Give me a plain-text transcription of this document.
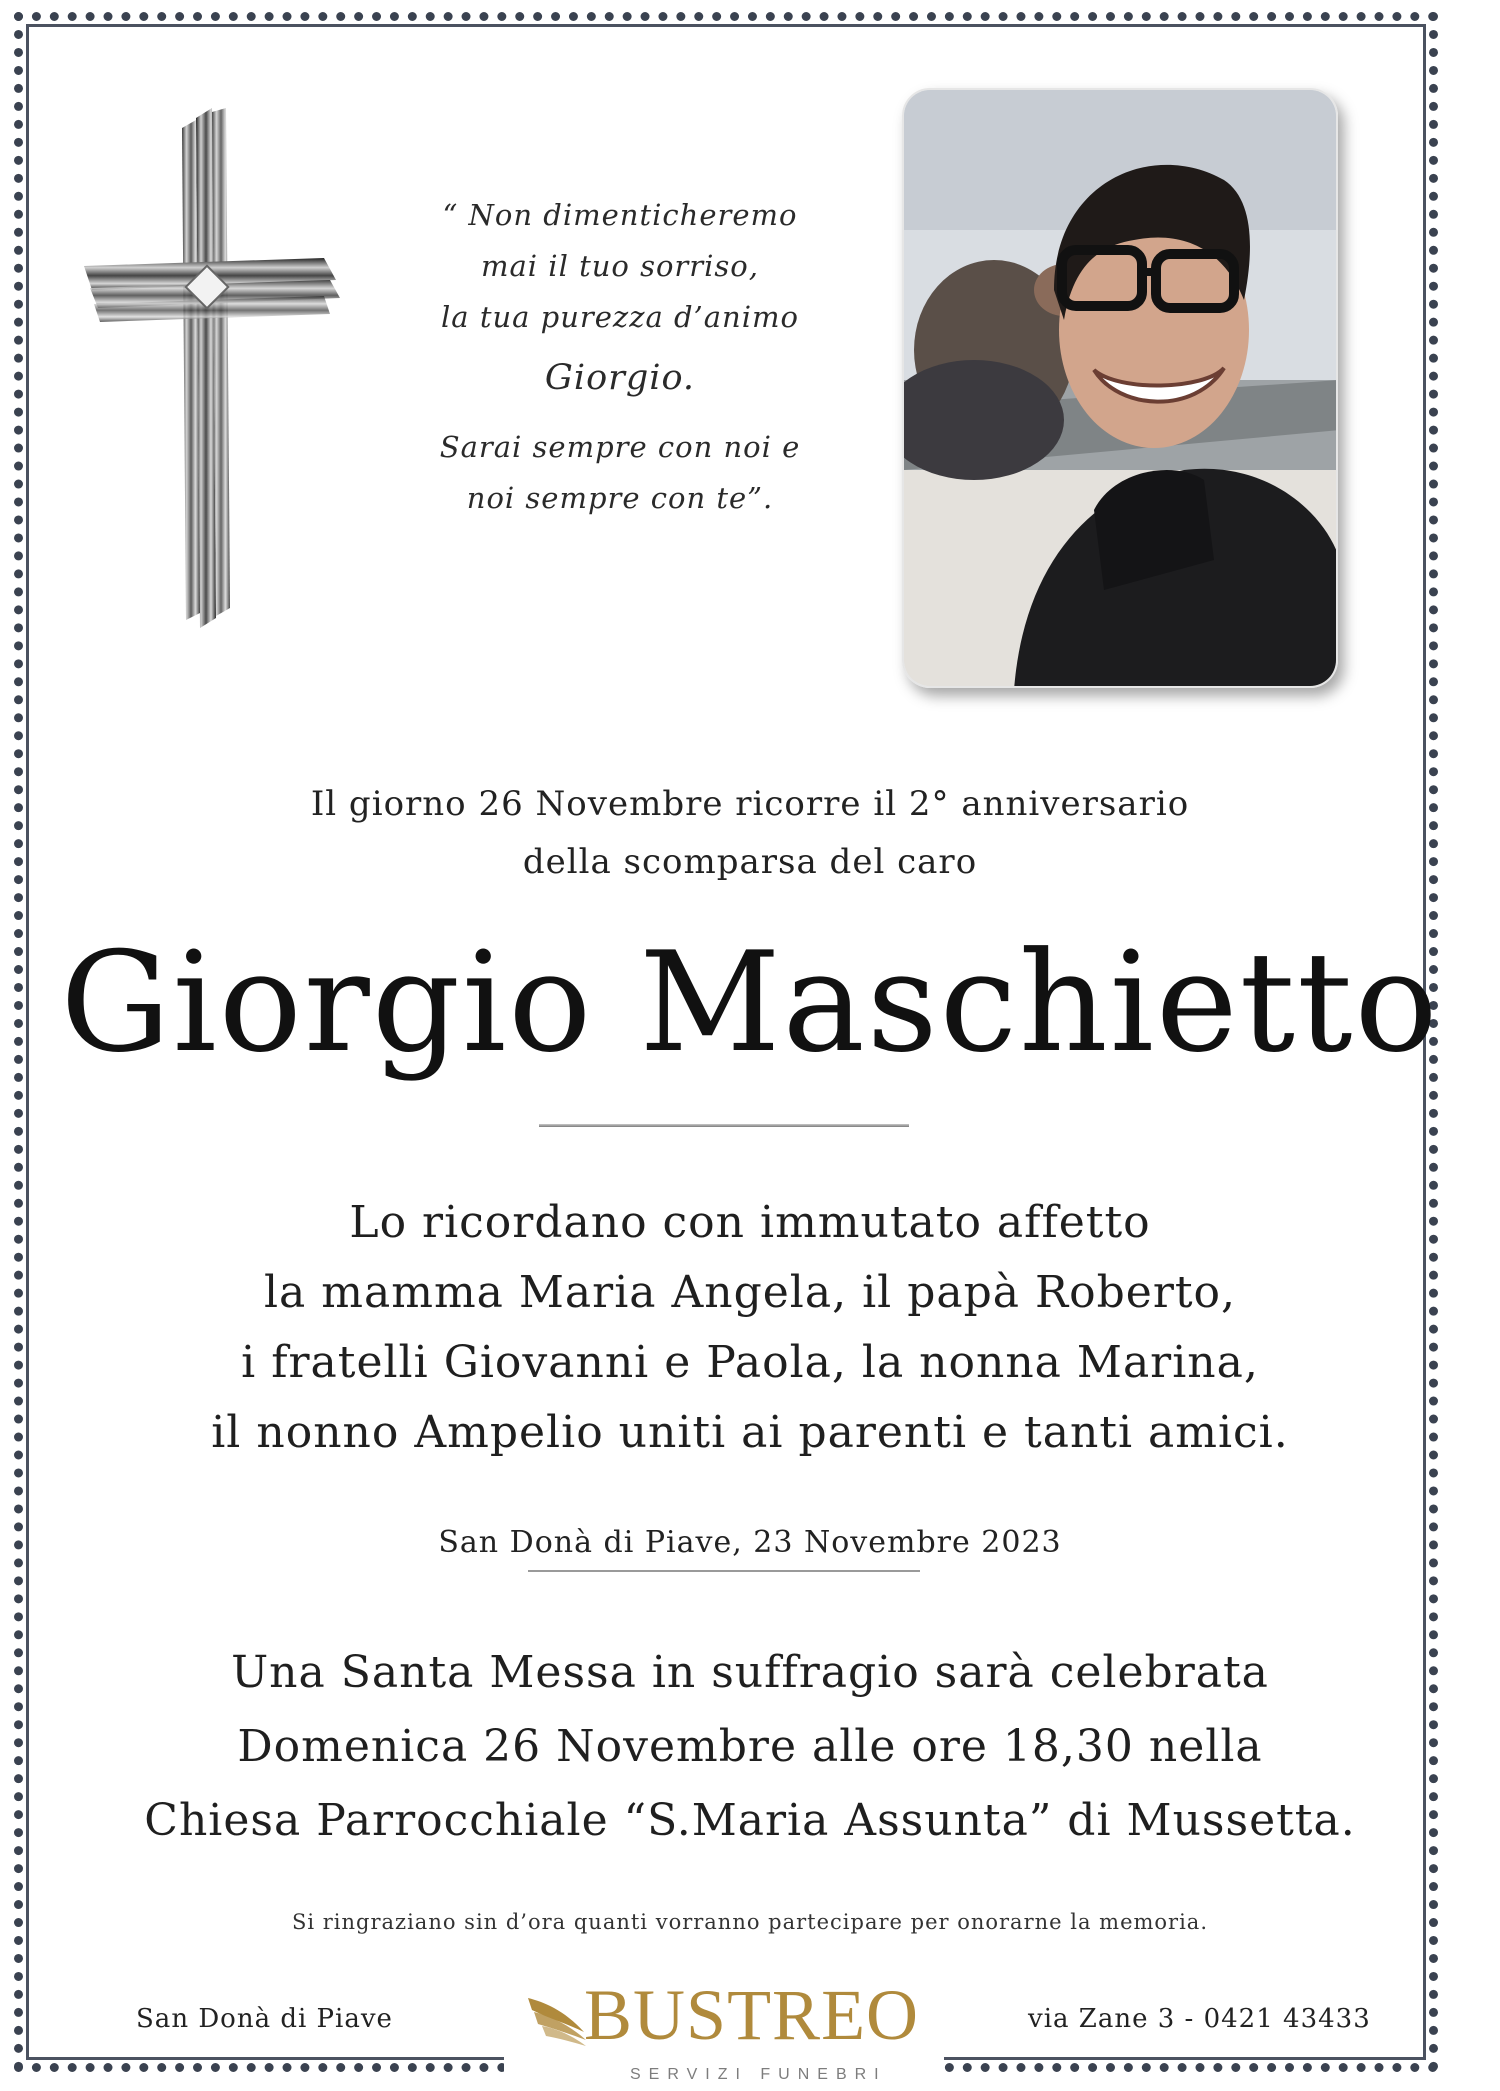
“ Non dimenticheremo
mai il tuo sorriso,
la tua purezza d’animo
Giorgio.
Sarai sempre con noi e
noi sempre con te”.
Il giorno 26 Novembre ricorre il 2° anniversario
della scomparsa del caro
Giorgio Maschietto
Lo ricordano con immutato affetto
la mamma Maria Angela, il papà Roberto,
i fratelli Giovanni e Paola, la nonna Marina,
il nonno Ampelio uniti ai parenti e tanti amici.
San Donà di Piave, 23 Novembre 2023
Una Santa Messa in suffragio sarà celebrata
Domenica 26 Novembre alle ore 18,30 nella
Chiesa Parrocchiale “S.Maria Assunta” di Mussetta.
Si ringraziano sin d’ora quanti vorranno partecipare per onorarne la memoria.
San Donà di Piave	via Zane 3 - 0421 43433
BUSTREO
SERVIZI FUNEBRI
